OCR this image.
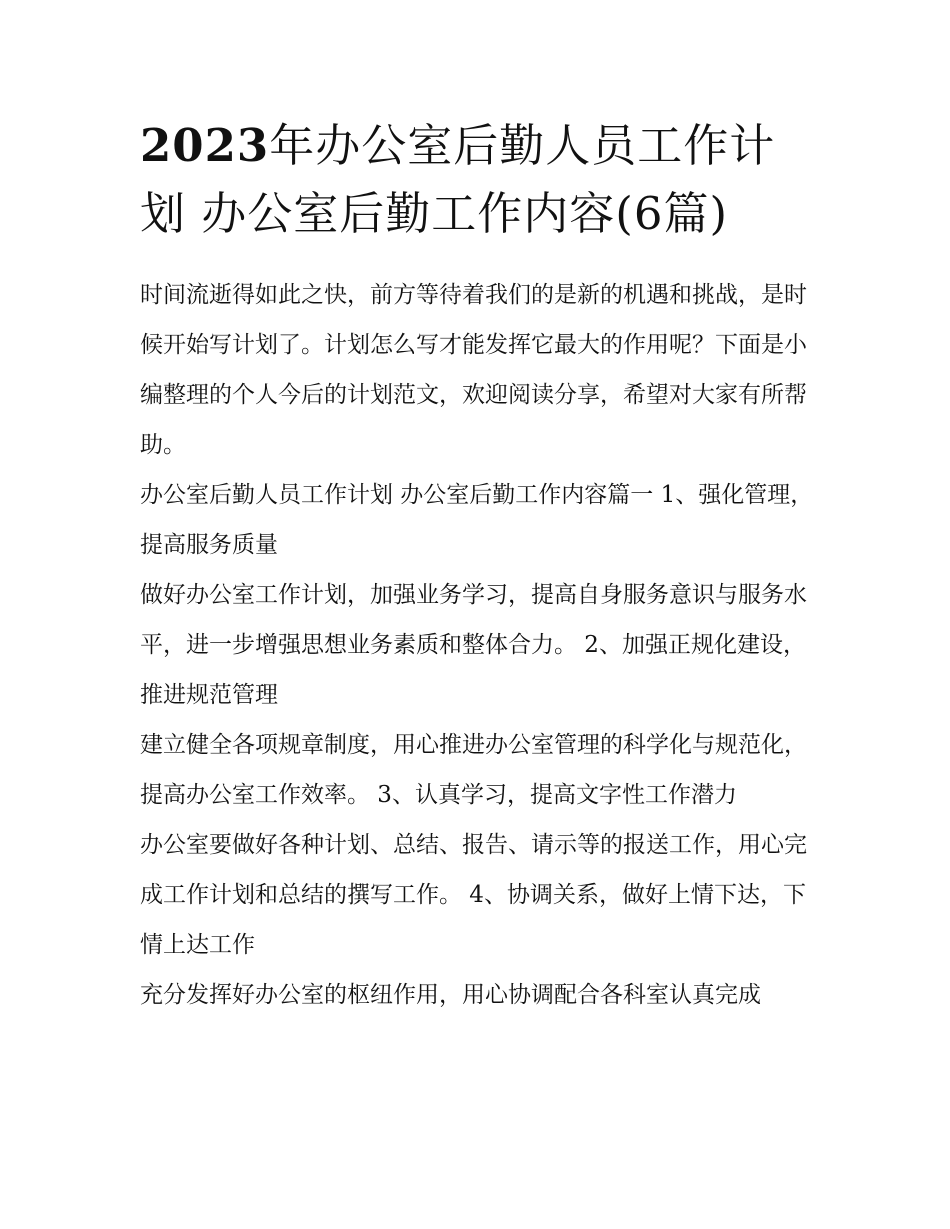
2023年办公室后勤人员工作计划 办公室后勤工作内容(6篇)

时间流逝得如此之快，前方等待着我们的是新的机遇和挑战，是时候开始写计划了。计划怎么写才能发挥它最大的作用呢？下面是小编整理的个人今后的计划范文，欢迎阅读分享，希望对大家有所帮助。

办公室后勤人员工作计划 办公室后勤工作内容篇一 1、强化管理，提高服务质量

做好办公室工作计划，加强业务学习，提高自身服务意识与服务水平，进一步增强思想业务素质和整体合力。 2、加强正规化建设，推进规范管理

建立健全各项规章制度，用心推进办公室管理的科学化与规范化，提高办公室工作效率。 3、认真学习，提高文字性工作潜力

办公室要做好各种计划、总结、报告、请示等的报送工作，用心完成工作计划和总结的撰写工作。 4、协调关系，做好上情下达，下情上达工作

充分发挥好办公室的枢纽作用，用心协调配合各科室认真完成
